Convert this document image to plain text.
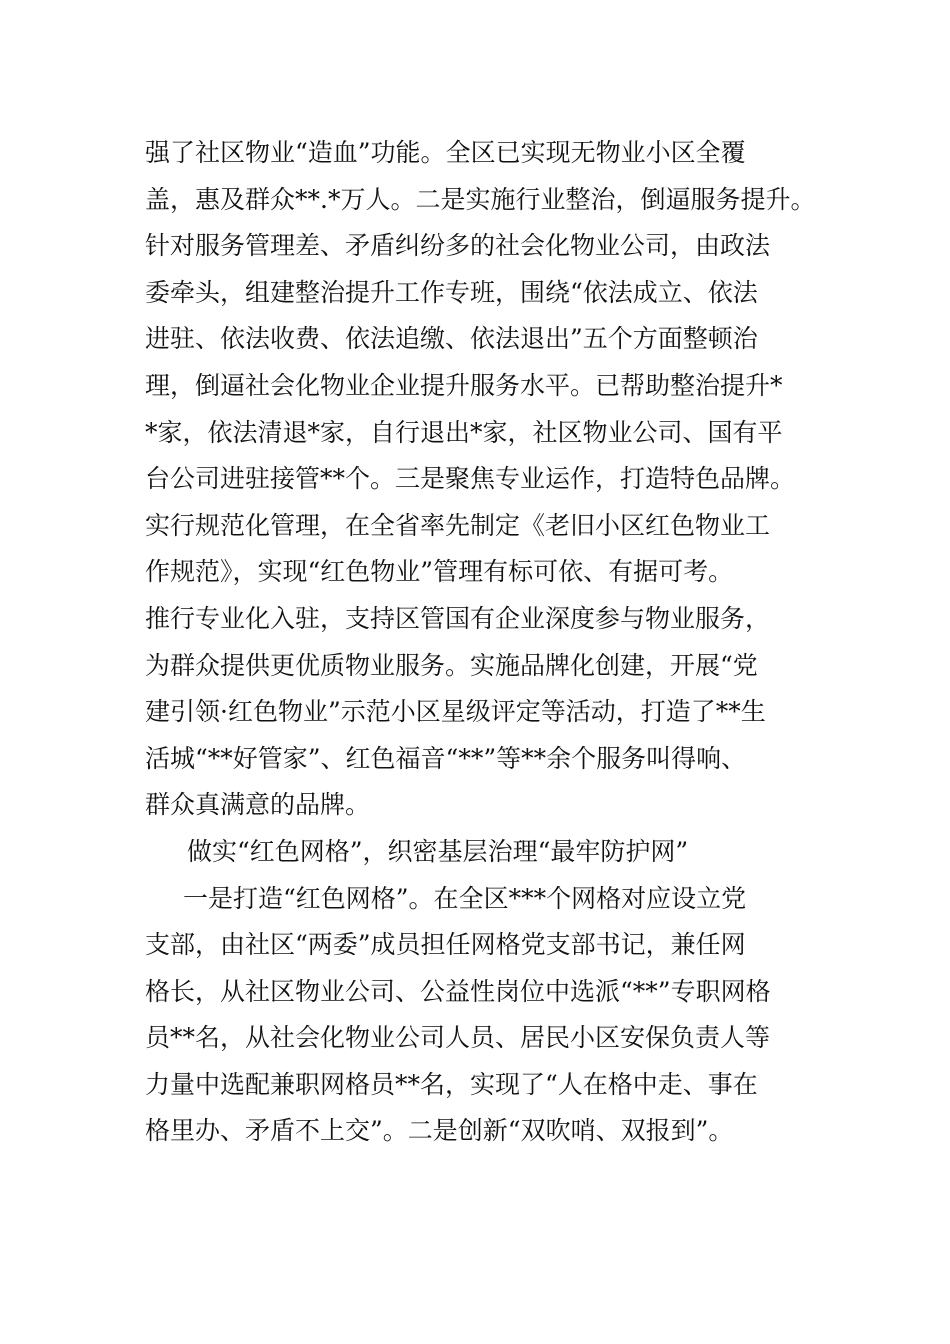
强了社区物业“造血”功能。全区已实现无物业小区全覆
盖，惠及群众**.*万人。二是实施行业整治，倒逼服务提升。
针对服务管理差、矛盾纠纷多的社会化物业公司，由政法
委牵头，组建整治提升工作专班，围绕“依法成立、依法
进驻、依法收费、依法追缴、依法退出”五个方面整顿治
理，倒逼社会化物业企业提升服务水平。已帮助整治提升*
*家，依法清退*家，自行退出*家，社区物业公司、国有平
台公司进驻接管**个。三是聚焦专业运作，打造特色品牌。
实行规范化管理，在全省率先制定《老旧小区红色物业工
作规范》，实现“红色物业”管理有标可依、有据可考。
推行专业化入驻，支持区管国有企业深度参与物业服务，
为群众提供更优质物业服务。实施品牌化创建，开展“党
建引领·红色物业”示范小区星级评定等活动，打造了**生
活城“**好管家”、红色福音“**”等**余个服务叫得响、
群众真满意的品牌。
做实“红色网格”，织密基层治理“最牢防护网”
一是打造“红色网格”。在全区***个网格对应设立党
支部，由社区“两委”成员担任网格党支部书记，兼任网
格长，从社区物业公司、公益性岗位中选派“**”专职网格
员**名，从社会化物业公司人员、居民小区安保负责人等
力量中选配兼职网格员**名，实现了“人在格中走、事在
格里办、矛盾不上交”。二是创新“双吹哨、双报到”。
